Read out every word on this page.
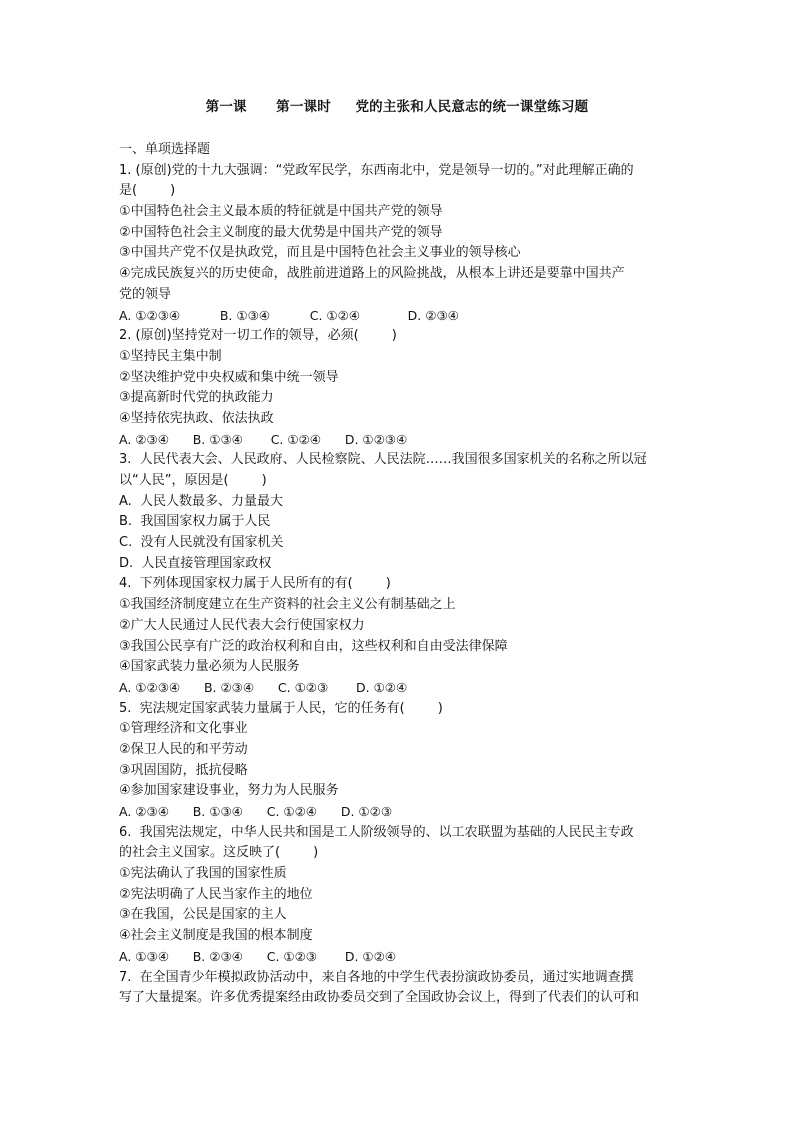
第一课      第一课时     党的主张和人民意志的统一课堂练习题
一、单项选择题
1. (原创)党的十九大强调：“党政军民学，东西南北中，党是领导一切的。”对此理解正确的
是(        )
①中国特色社会主义最本质的特征就是中国共产党的领导
②中国特色社会主义制度的最大优势是中国共产党的领导
③中国共产党不仅是执政党，而且是中国特色社会主义事业的领导核心
④完成民族复兴的历史使命，战胜前进道路上的风险挑战，从根本上讲还是要靠中国共产
党的领导
A. ①②③④          B. ①③④          C. ①②④            D. ②③④
2. (原创)坚持党对一切工作的领导，必须(        )
①坚持民主集中制
②坚决维护党中央权威和集中统一领导
③提高新时代党的执政能力
④坚持依宪执政、依法执政
A. ②③④      B. ①③④       C. ①②④      D. ①②③④
3.  人民代表大会、人民政府、人民检察院、人民法院……我国很多国家机关的名称之所以冠
以“人民”，原因是(        )
A.  人民人数最多、力量最大
B.  我国国家权力属于人民
C.  没有人民就没有国家机关
D.  人民直接管理国家政权
4.  下列体现国家权力属于人民所有的有(        )
①我国经济制度建立在生产资料的社会主义公有制基础之上
②广大人民通过人民代表大会行使国家权力
③我国公民享有广泛的政治权利和自由，这些权利和自由受法律保障
④国家武装力量必须为人民服务
A. ①②③④      B. ②③④      C. ①②③       D. ①②④
5.  宪法规定国家武装力量属于人民，它的任务有(        )
①管理经济和文化事业
②保卫人民的和平劳动
③巩固国防，抵抗侵略
④参加国家建设事业，努力为人民服务
A. ②③④      B. ①③④      C. ①②④      D. ①②③
6.  我国宪法规定，中华人民共和国是工人阶级领导的、以工农联盟为基础的人民民主专政
的社会主义国家。这反映了(        )
①宪法确认了我国的国家性质
②宪法明确了人民当家作主的地位
③在我国，公民是国家的主人
④社会主义制度是我国的根本制度
A. ①③④      B. ②③④      C. ①②③       D. ①②④
7.  在全国青少年模拟政协活动中，来自各地的中学生代表扮演政协委员，通过实地调查撰
写了大量提案。许多优秀提案经由政协委员交到了全国政协会议上，得到了代表们的认可和
